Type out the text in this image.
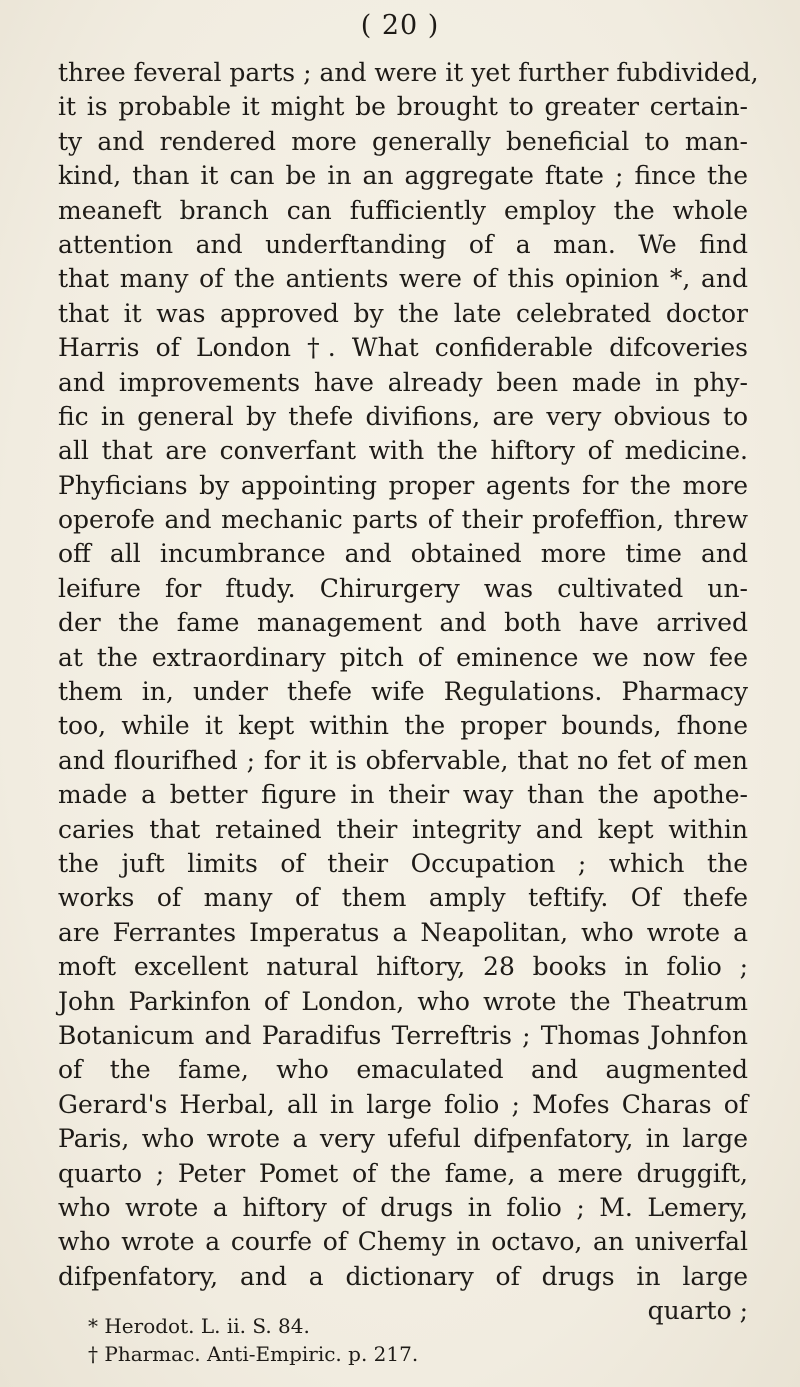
( 20 )
three feveral parts ; and were it yet further fubdivided,
it is probable it might be brought to greater certain-
ty and rendered more generally beneficial to man-
kind, than it can be in an aggregate ftate ; fince the
meaneft branch can fufficiently employ the whole
attention and underftanding of a man. We find
that many of the antients were of this opinion *, and
that it was approved by the late celebrated doctor
Harris of London †. What confiderable difcoveries
and improvements have already been made in phy-
fic in general by thefe divifions, are very obvious to
all that are converfant with the hiftory of medicine.
Phyficians by appointing proper agents for the more
operofe and mechanic parts of their profeffion, threw
off all incumbrance and obtained more time and
leifure for ftudy. Chirurgery was cultivated un-
der the fame management and both have arrived
at the extraordinary pitch of eminence we now fee
them in, under thefe wife Regulations. Pharmacy
too, while it kept within the proper bounds, fhone
and flourifhed ; for it is obfervable, that no fet of men
made a better figure in their way than the apothe-
caries that retained their integrity and kept within
the juft limits of their Occupation ; which the
works of many of them amply teftify. Of thefe
are Ferrantes Imperatus a Neapolitan, who wrote a
moft excellent natural hiftory, 28 books in folio ;
John Parkinfon of London, who wrote the Theatrum
Botanicum and Paradifus Terreftris ; Thomas Johnfon
of the fame, who emaculated and augmented
Gerard's Herbal, all in large folio ; Mofes Charas of
Paris, who wrote a very ufeful difpenfatory, in large
quarto ; Peter Pomet of the fame, a mere druggift,
who wrote a hiftory of drugs in folio ; M. Lemery,
who wrote a courfe of Chemy in octavo, an univerfal
difpenfatory, and a dictionary of drugs in large
quarto ;
* Herodot. L. ii. S. 84.
† Pharmac. Anti-Empiric. p. 217.
